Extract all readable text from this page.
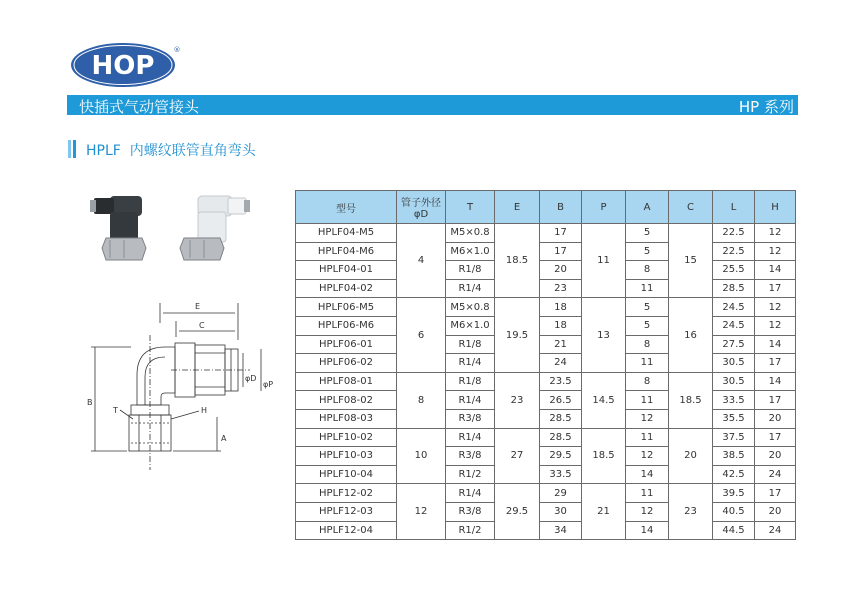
HOP
®
快插式气动管接头	HP 系列
HPLF 内螺纹联管直角弯头
E
C
B
A
φD
φP
T	H
型号	管子外径 φD	T	E	B	P	A	C	L	H
HPLF04-M5	4	M5×0.8	18.5	17	11	5	15	22.5	12
HPLF04-M6		M6×1.0		17		5		22.5	12
HPLF04-01		R1/8		20		8		25.5	14
HPLF04-02		R1/4		23		11		28.5	17
HPLF06-M5	6	M5×0.8	19.5	18	13	5	16	24.5	12
HPLF06-M6		M6×1.0		18		5		24.5	12
HPLF06-01		R1/8		21		8		27.5	14
HPLF06-02		R1/4		24		11		30.5	17
HPLF08-01	8	R1/8	23	23.5	14.5	8	18.5	30.5	14
HPLF08-02		R1/4		26.5		11		33.5	17
HPLF08-03		R3/8		28.5		12		35.5	20
HPLF10-02	10	R1/4	27	28.5	18.5	11	20	37.5	17
HPLF10-03		R3/8		29.5		12		38.5	20
HPLF10-04		R1/2		33.5		14		42.5	24
HPLF12-02	12	R1/4	29.5	29	21	11	23	39.5	17
HPLF12-03		R3/8		30		12		40.5	20
HPLF12-04		R1/2		34		14		44.5	24
